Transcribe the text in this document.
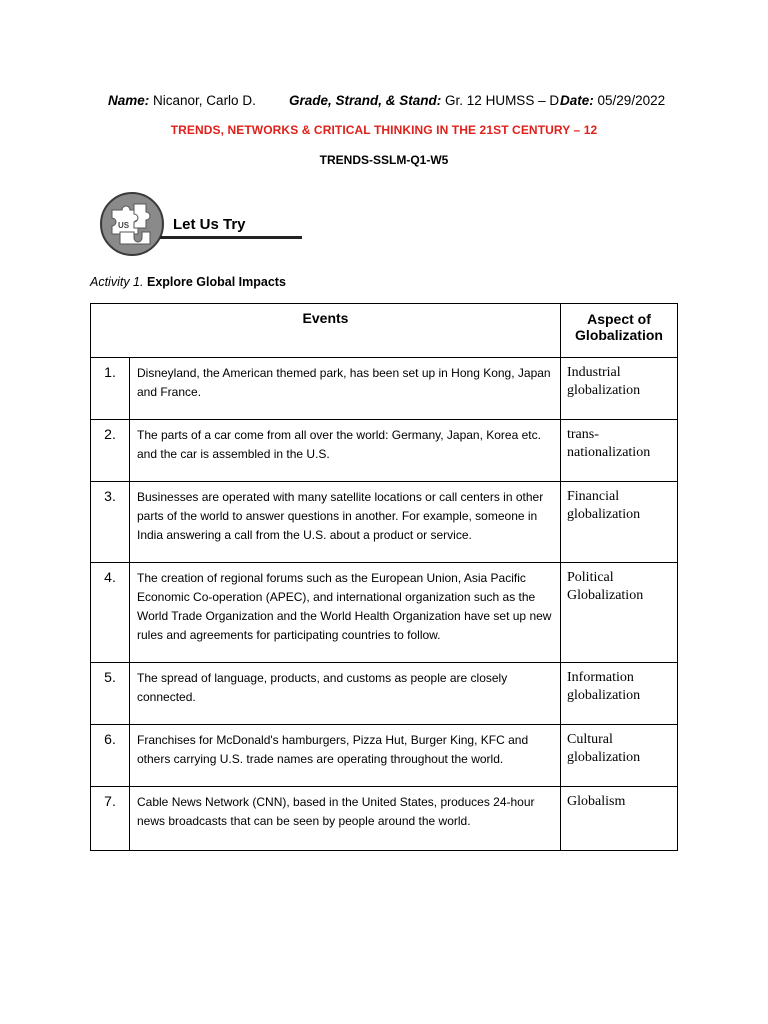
Name: Nicanor, Carlo D. Grade, Strand, & Stand: Gr. 12 HUMSS – D Date: 05/29/2022
TRENDS, NETWORKS & CRITICAL THINKING IN THE 21ST CENTURY – 12
TRENDS-SSLM-Q1-W5
US	Let Us Try
Activity 1. Explore Global Impacts
Events		Aspect of Globalization
1.	Disneyland, the American themed park, has been set up in Hong Kong, Japan and France.	Industrial globalization
2.	The parts of a car come from all over the world: Germany, Japan, Korea etc. and the car is assembled in the U.S.	trans-nationalization
3.	Businesses are operated with many satellite locations or call centers in other parts of the world to answer questions in another. For example, someone in India answering a call from the U.S. about a product or service.	Financial globalization
4.	The creation of regional forums such as the European Union, Asia Pacific Economic Co-operation (APEC), and international organization such as the World Trade Organization and the World Health Organization have set up new rules and agreements for participating countries to follow.	Political Globalization
5.	The spread of language, products, and customs as people are closely connected.	Information globalization
6.	Franchises for McDonald's hamburgers, Pizza Hut, Burger King, KFC and others carrying U.S. trade names are operating throughout the world.	Cultural globalization
7.	Cable News Network (CNN), based in the United States, produces 24-hour news broadcasts that can be seen by people around the world.	Globalism
